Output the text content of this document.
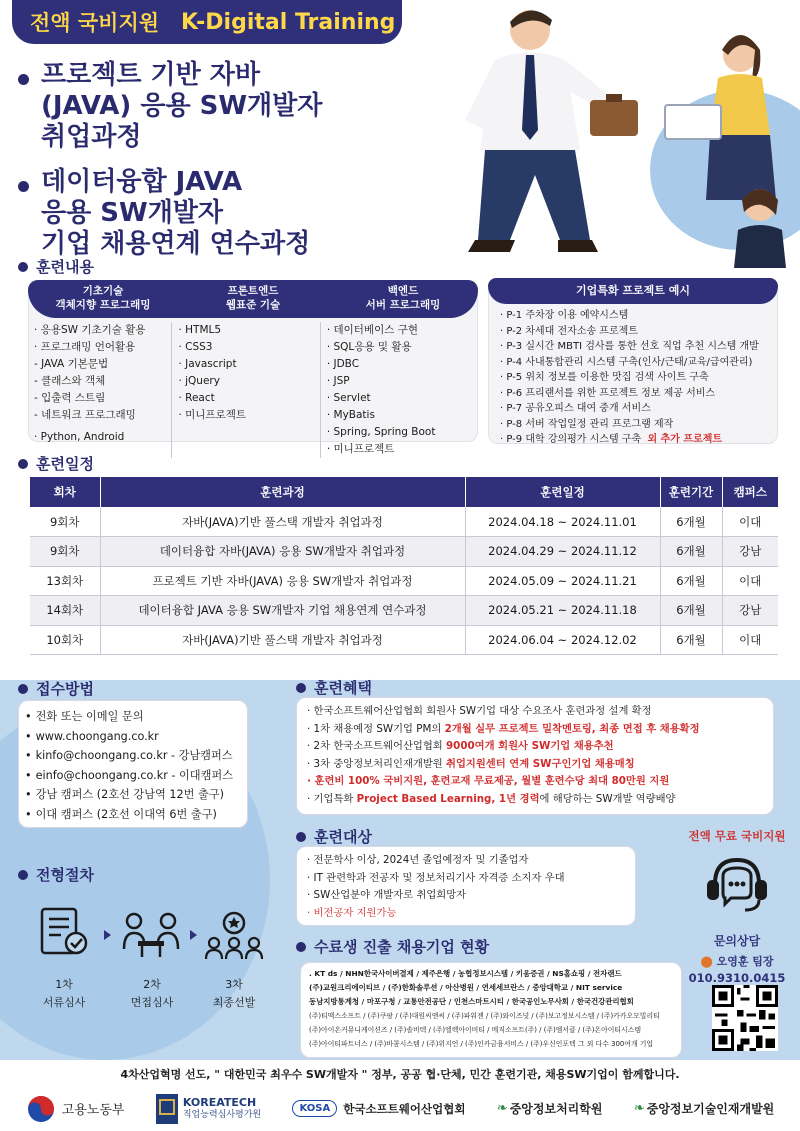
전액 국비지원 K-Digital Training
프로젝트 기반 자바
(JAVA) 응용 SW개발자
취업과정
데이터융합 JAVA
응용 SW개발자
기업 채용연계 연수과정
훈련내용
기초기술
객체지향 프로그래밍
프론트엔드
웹표준 기술
백엔드
서버 프로그래밍
· 응용SW 기초기술 활용
· 프로그래밍 언어활용
- JAVA 기본문법
- 클래스와 객체
- 입출력 스트림
- 네트워크 프로그래밍
· Python, Android
· HTML5
· CSS3
· Javascript
· jQuery
· React
· 미니프로젝트
· 데이터베이스 구현
· SQL응용 및 활용
· JDBC
· JSP
· Servlet
· MyBatis
· Spring, Spring Boot
· 미니프로젝트
기업특화 프로젝트 예시
· P-1 주차장 이용 예약시스템
· P-2 차세대 전자소송 프로젝트
· P-3 실시간 MBTI 검사를 통한 선호 직업 추천 시스템 개발
· P-4 사내통합관리 시스템 구축(인사/근태/교육/급여관리)
· P-5 위치 정보를 이용한 맛집 검색 사이트 구축
· P-6 프리랜서를 위한 프로젝트 정보 제공 서비스
· P-7 공유오피스 대여 중개 서비스
· P-8 서버 작업일정 관리 프로그램 제작
· P-9 대학 강의평가 시스템 구축 외 추가 프로젝트
훈련일정
회차	훈련과정	훈련일정	훈련기간	캠퍼스
9회차	자바(JAVA)기반 풀스택 개발자 취업과정	2024.04.18 ~ 2024.11.01	6개월	이대
9회차	데이터융합 자바(JAVA) 응용 SW개발자 취업과정	2024.04.29 ~ 2024.11.12	6개월	강남
13회차	프로젝트 기반 자바(JAVA) 응용 SW개발자 취업과정	2024.05.09 ~ 2024.11.21	6개월	이대
14회차	데이터융합 JAVA 응용 SW개발자 기업 채용연계 연수과정	2024.05.21 ~ 2024.11.18	6개월	강남
10회차	자바(JAVA)기반 풀스택 개발자 취업과정	2024.06.04 ~ 2024.12.02	6개월	이대
접수방법
• 전화 또는 이메일 문의
• www.choongang.co.kr
• kinfo@choongang.co.kr - 강남캠퍼스
• einfo@choongang.co.kr - 이대캠퍼스
• 강남 캠퍼스 (2호선 강남역 12번 출구)
• 이대 캠퍼스 (2호선 이대역 6번 출구)
훈련혜택
· 한국소프트웨어산업협회 회원사 SW기업 대상 수요조사 훈련과정 설계 확정
· 1차 채용예정 SW기업 PM의 2개월 실무 프로젝트 밀착멘토링, 최종 면접 후 채용확정
· 2차 한국소프트웨어산업협회 9000여개 회원사 SW기업 채용추천
· 3차 중앙정보처리인재개발원 취업지원센터 연계 SW구인기업 채용매칭
· 훈련비 100% 국비지원, 훈련교재 무료제공, 월별 훈련수당 최대 80만원 지원
· 기업특화 Project Based Learning, 1년 경력에 해당하는 SW개발 역량배양
훈련대상
· 전문학사 이상, 2024년 졸업예정자 및 기졸업자
· IT 관련학과 전공자 및 정보처리기사 자격증 소지자 우대
· SW산업분야 개발자로 취업희망자
· 비전공자 지원가능
수료생 진출 채용기업 현황
. KT ds / NHN한국사이버결제 / 제주은행 / 농협정보시스템 / 키움증권 / NS홈쇼핑 / 전자랜드
(주)교원크리에이티브 / (주)한화솔루션 / 아산병원 / 연세세브란스 / 중앙대학교 / NIT service
동남지방통계청 / 마포구청 / 교통안전공단 / 인천스마트시티 / 한국공인노무사회 / 한국건강관리협회
(주)티맥스소프트 / (주)쿠팡 / (주)대원씨앤씨 / (주)파워젠 / (주)와이즈넛 / (주)보고정보시스템 / (주)카카오모빌리티
(주)아이온커뮤니케이션즈 / (주)솔비텍 / (주)엘렉아이비티 / 메직소프트(주) / (주)엠서클 / (주)온아이티시스템
(주)아이티파트너스 / (주)바콤시스템 / (주)위지언 / (주)인카금융서비스 / (주)우신인포텍 그 외 다수 300여개 기업
전형절차
1차
서류심사
2차
면접심사
3차
최종선발
전액 무료 국비지원
문의상담
⬤ 오영훈 팀장
010.9310.0415
4차산업혁명 선도, " 대한민국 최우수 SW개발자 " 정부, 공공 협·단체, 민간 훈련기관, 채용SW기업이 함께합니다.
고용노동부
KOREATECH
직업능력심사평가원
KOSA	한국소프트웨어산업협회 ❧ 중앙정보처리학원 ❧ 중앙정보기술인재개발원
